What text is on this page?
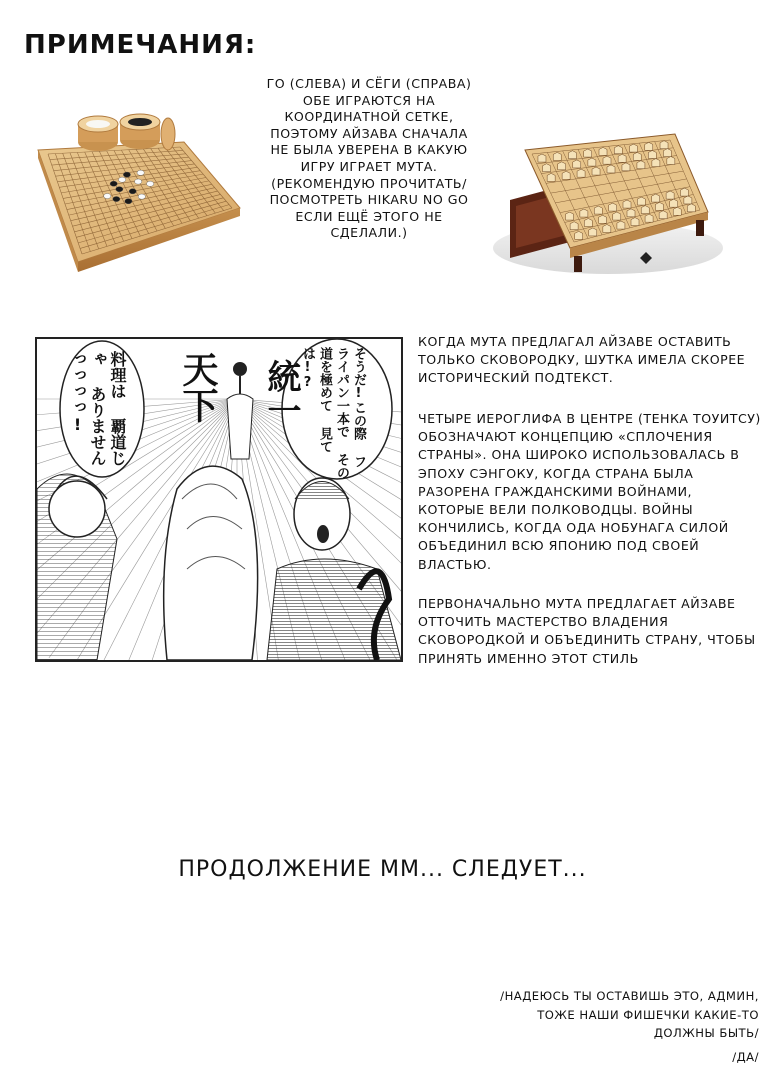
ПРИМЕЧАНИЯ:
ГО (СЛЕВА) И СЁГИ (СПРАВА) ОБЕ ИГРАЮТСЯ НА КООРДИНАТНОЙ СЕТКЕ, ПОЭТОМУ АЙЗАВА СНАЧАЛА НЕ БЫЛА УВЕРЕНА В КАКУЮ ИГРУ ИГРАЕТ МУТА. (РЕКОМЕНДУЮ ПРОЧИТАТЬ/ПОСМОТРЕТЬ HIKARU NO GO ЕСЛИ ЕЩЁ ЭТОГО НЕ СДЕЛАЛИ.)
料理は 覇道じゃ ありません っっっっ!	そうだ!この際 フライパン一本で その道を極めて 見ては!?
天下 統一
КОГДА МУТА ПРЕДЛАГАЛ АЙЗАВЕ ОСТАВИТЬ ТОЛЬКО СКОВОРОДКУ, ШУТКА ИМЕЛА СКОРЕЕ ИСТОРИЧЕСКИЙ ПОДТЕКСТ.
ЧЕТЫРЕ ИЕРОГЛИФА В ЦЕНТРЕ (ТЕНКА ТОУИТСУ) ОБОЗНАЧАЮТ КОНЦЕПЦИЮ «СПЛОЧЕНИЯ СТРАНЫ». ОНА ШИРОКО ИСПОЛЬЗОВАЛАСЬ В ЭПОХУ СЭНГОКУ, КОГДА СТРАНА БЫЛА РАЗОРЕНА ГРАЖДАНСКИМИ ВОЙНАМИ, КОТОРЫЕ ВЕЛИ ПОЛКОВОДЦЫ. ВОЙНЫ КОНЧИЛИСЬ, КОГДА ОДА НОБУНАГА СИЛОЙ ОБЪЕДИНИЛ ВСЮ ЯПОНИЮ ПОД СВОЕЙ ВЛАСТЬЮ.
ПЕРВОНАЧАЛЬНО МУТА ПРЕДЛАГАЕТ АЙЗАВЕ ОТТОЧИТЬ МАСТЕРСТВО ВЛАДЕНИЯ СКОВОРОДКОЙ И ОБЪЕДИНИТЬ СТРАНУ, ЧТОБЫ ПРИНЯТЬ ИМЕННО ЭТОТ СТИЛЬ
ПРОДОЛЖЕНИЕ ММ... СЛЕДУЕТ...
/НАДЕЮСЬ ТЫ ОСТАВИШЬ ЭТО, АДМИН, ТОЖЕ НАШИ ФИШЕЧКИ КАКИЕ-ТО ДОЛЖНЫ БЫТЬ/
/ДА/
